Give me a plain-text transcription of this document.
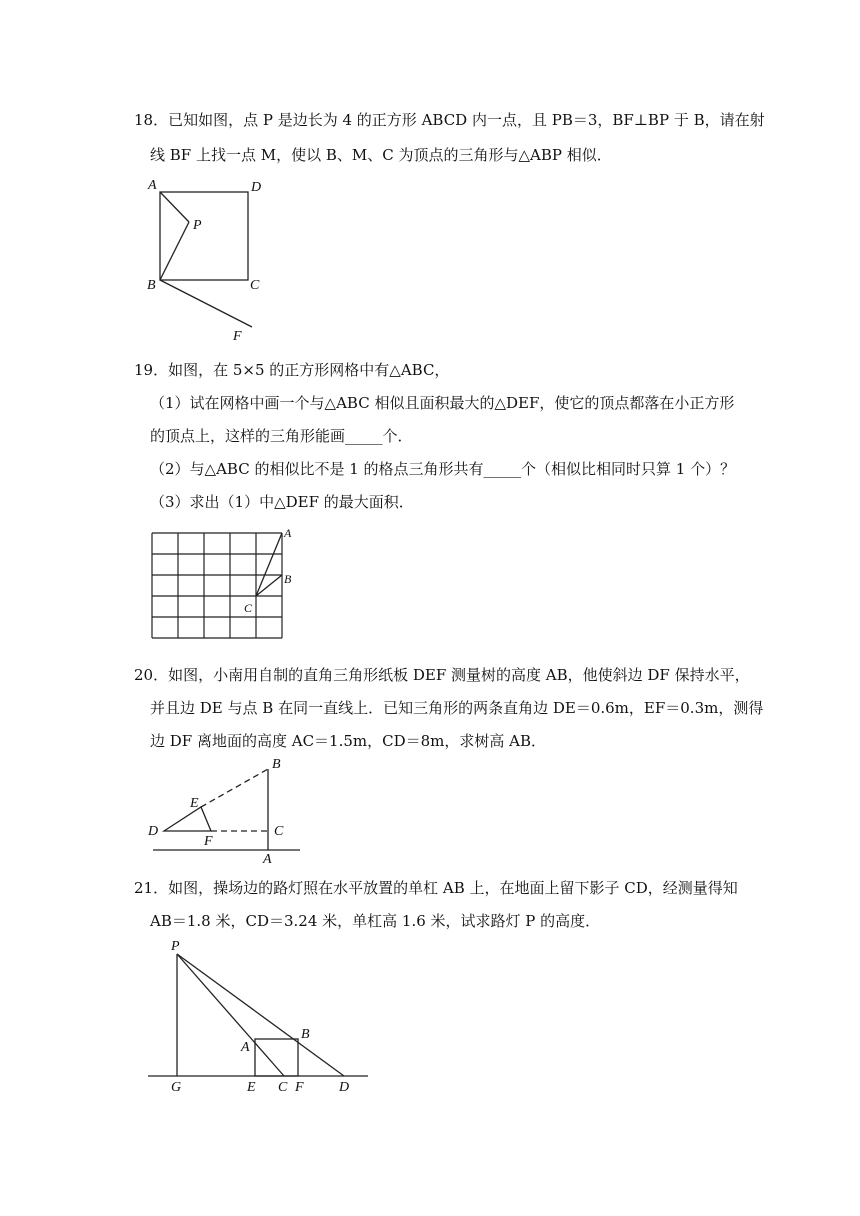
18．已知如图，点 P 是边长为 4 的正方形 ABCD 内一点，且 PB＝3，BF⊥BP 于 B，请在射
线 BF 上找一点 M，使以 B、M、C 为顶点的三角形与△ABP 相似．
A	D
P
B	C
F
19．如图，在 5×5 的正方形网格中有△ABC，
（1）试在网格中画一个与△ABC 相似且面积最大的△DEF，使它的顶点都落在小正方形
的顶点上，这样的三角形能画_____个．
（2）与△ABC 的相似比不是 1 的格点三角形共有_____个（相似比相同时只算 1 个）？
（3）求出（1）中△DEF 的最大面积．
A
B
C
20．如图，小南用自制的直角三角形纸板 DEF 测量树的高度 AB，他使斜边 DF 保持水平，
并且边 DE 与点 B 在同一直线上．已知三角形的两条直角边 DE＝0.6m，EF＝0.3m，测得
边 DF 离地面的高度 AC＝1.5m，CD＝8m，求树高 AB．
B
E
D
F
C
A
21．如图，操场边的路灯照在水平放置的单杠 AB 上，在地面上留下影子 CD，经测量得知
AB＝1.8 米，CD＝3.24 米，单杠高 1.6 米，试求路灯 P 的高度．
P
A
B
G	E C F	D
